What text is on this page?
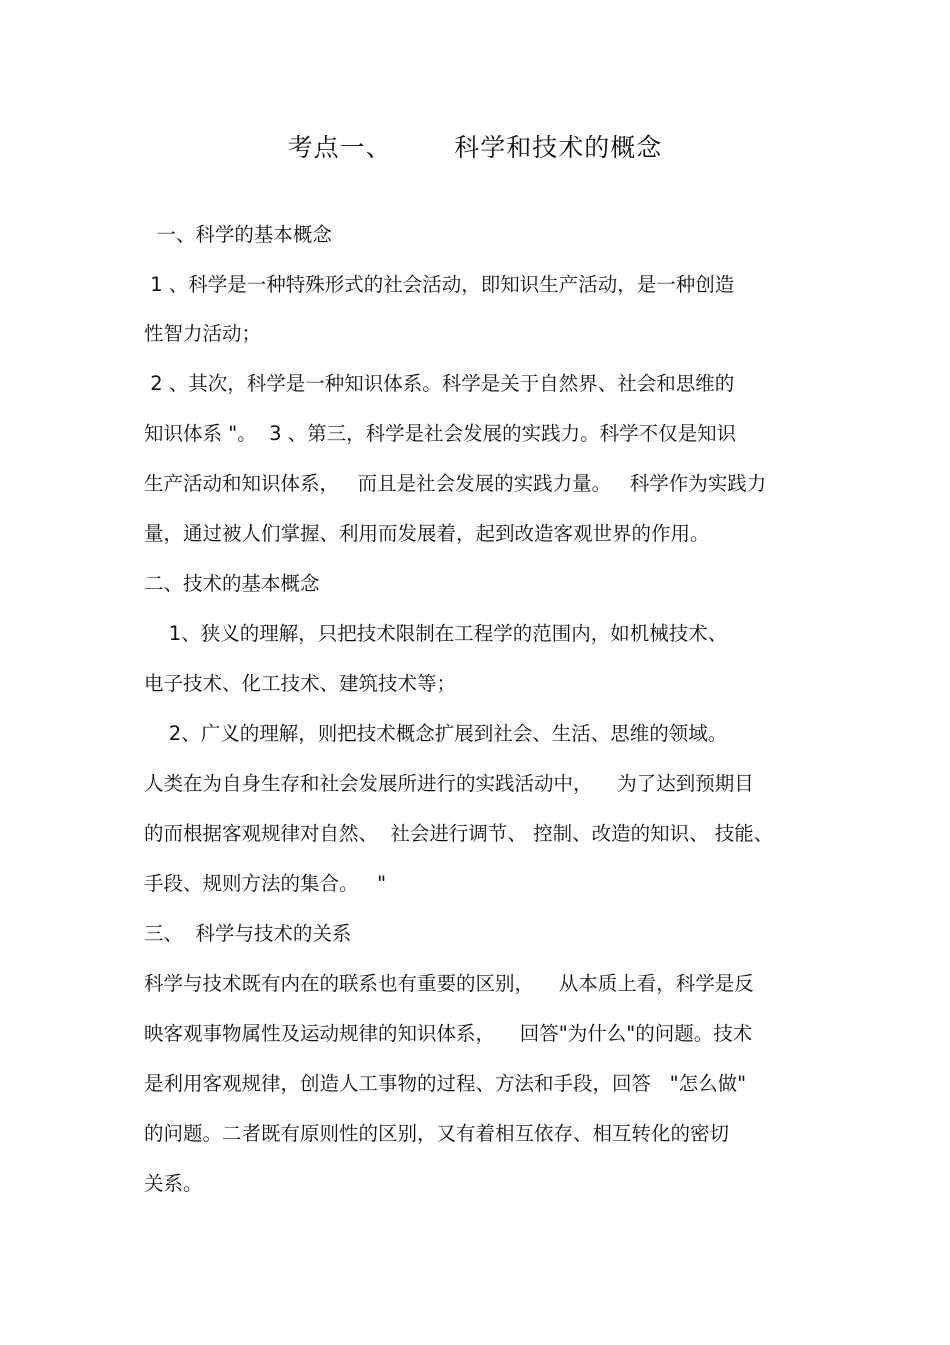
考点一、       科学和技术的概念
一、科学的基本概念
1 、科学是一种特殊形式的社会活动，即知识生产活动，是一种创造
性智力活动；
2 、其次，科学是一种知识体系。科学是关于自然界、社会和思维的
知识体系 "。  3 、第三，科学是社会发展的实践力。科学不仅是知识
生产活动和知识体系，   而且是社会发展的实践力量。   科学作为实践力
量，通过被人们掌握、利用而发展着，起到改造客观世界的作用。
二、技术的基本概念
1、狭义的理解，只把技术限制在工程学的范围内，如机械技术、
电子技术、化工技术、建筑技术等；
2、广义的理解，则把技术概念扩展到社会、生活、思维的领域。
人类在为自身生存和社会发展所进行的实践活动中，    为了达到预期目
的而根据客观规律对自然、  社会进行调节、 控制、改造的知识、 技能、
手段、规则方法的集合。   "
三、  科学与技术的关系
科学与技术既有内在的联系也有重要的区别，    从本质上看，科学是反
映客观事物属性及运动规律的知识体系，    回答"为什么"的问题。技术
是利用客观规律，创造人工事物的过程、方法和手段，回答   "怎么做"
的问题。二者既有原则性的区别，又有着相互依存、相互转化的密切
关系。
